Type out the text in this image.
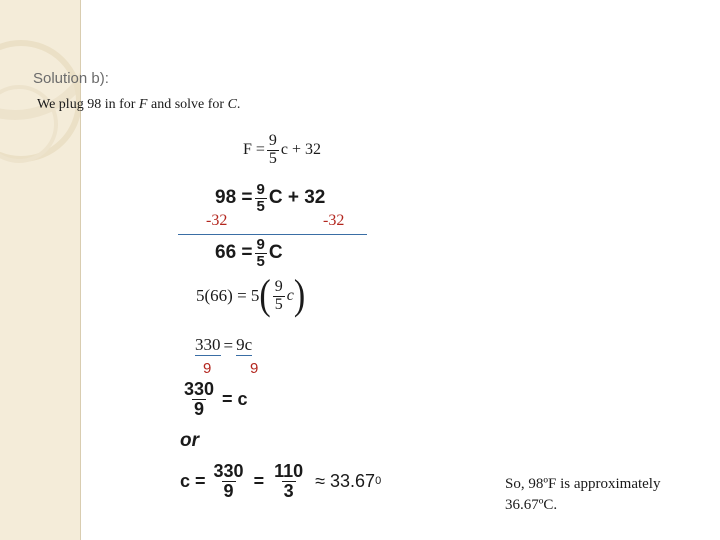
Solution b):
We plug 98 in for F and solve for C.
$F = \frac{9}{5}$ c + 32
$98 = \frac{9}{5}$ C + 32
-32	-32
$66 = \frac{9}{5}$ C
5(66) = 5 ( $\frac{9}{5}$ c )
330 = 9c
9	9
$\frac{330}{9} = c$
or
$c = \frac{330}{9} = \frac{110}{3} \approx 33.67$ 0	So, 98ºF is approximately
36.67ºC.
